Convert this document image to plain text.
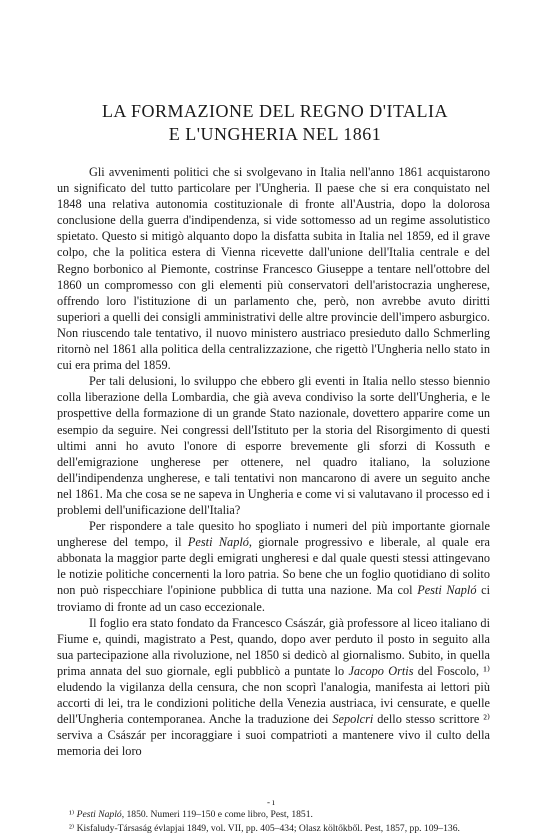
LA FORMAZIONE DEL REGNO D'ITALIA
E L'UNGHERIA NEL 1861

Gli avvenimenti politici che si svolgevano in Italia nell'anno 1861 acquistarono un significato del tutto particolare per l'Ungheria. Il paese che si era conquistato nel 1848 una relativa autonomia costituzionale di fronte all'Austria, dopo la dolorosa conclusione della guerra d'indipendenza, si vide sottomesso ad un regime assolutistico spietato. Questo si mitigò alquanto dopo la disfatta subita in Italia nel 1859, ed il grave colpo, che la politica estera di Vienna ricevette dall'unione dell'Italia centrale e del Regno borbonico al Piemonte, costrinse Francesco Giuseppe a tentare nell'ottobre del 1860 un compromesso con gli elementi più conservatori dell'aristocrazia ungherese, offrendo loro l'istituzione di un parlamento che, però, non avrebbe avuto diritti superiori a quelli dei consigli amministrativi delle altre provincie dell'impero asburgico. Non riuscendo tale tentativo, il nuovo ministero austriaco presieduto dallo Schmerling ritornò nel 1861 alla politica della centralizzazione, che rigettò l'Ungheria nello stato in cui era prima del 1859.

Per tali delusioni, lo sviluppo che ebbero gli eventi in Italia nello stesso biennio colla liberazione della Lombardia, che già aveva condiviso la sorte dell'Ungheria, e le prospettive della formazione di un grande Stato nazionale, dovettero apparire come un esempio da seguire. Nei congressi dell'Istituto per la storia del Risorgimento di questi ultimi anni ho avuto l'onore di esporre brevemente gli sforzi di Kossuth e dell'emigrazione ungherese per ottenere, nel quadro italiano, la soluzione dell'indipendenza ungherese, e tali tentativi non mancarono di avere un seguito anche nel 1861. Ma che cosa se ne sapeva in Ungheria e come vi si valutavano il processo ed i problemi dell'unificazione dell'Italia?

Per rispondere a tale quesito ho spogliato i numeri del più importante giornale ungherese del tempo, il Pesti Napló, giornale progressivo e liberale, al quale era abbonata la maggior parte degli emigrati ungheresi e dal quale questi stessi attingevano le notizie politiche concernenti la loro patria. So bene che un foglio quotidiano di solito non può rispecchiare l'opinione pubblica di tutta una nazione. Ma col Pesti Napló ci troviamo di fronte ad un caso eccezionale.

Il foglio era stato fondato da Francesco Császár, già professore al liceo italiano di Fiume e, quindi, magistrato a Pest, quando, dopo aver perduto il posto in seguito alla sua partecipazione alla rivoluzione, nel 1850 si dedicò al giornalismo. Subito, in quella prima annata del suo giornale, egli pubblicò a puntate lo Jacopo Ortis del Foscolo, ¹⁾ eludendo la vigilanza della censura, che non scoprì l'analogia, manifesta ai lettori più accorti di lei, tra le condizioni politiche della Venezia austriaca, ivi censurate, e quelle dell'Ungheria contemporanea. Anche la traduzione dei Sepolcri dello stesso scrittore ²⁾ serviva a Császár per incoraggiare i suoi compatrioti a mantenere vivo il culto della memoria dei loro

- ı

¹⁾ Pesti Napló, 1850. Numeri 119–150 e come libro, Pest, 1851.

²⁾ Kisfaludy-Társaság évlapjai 1849, vol. VII, pp. 405–434; Olasz költőkből. Pest, 1857, pp. 109–136.
